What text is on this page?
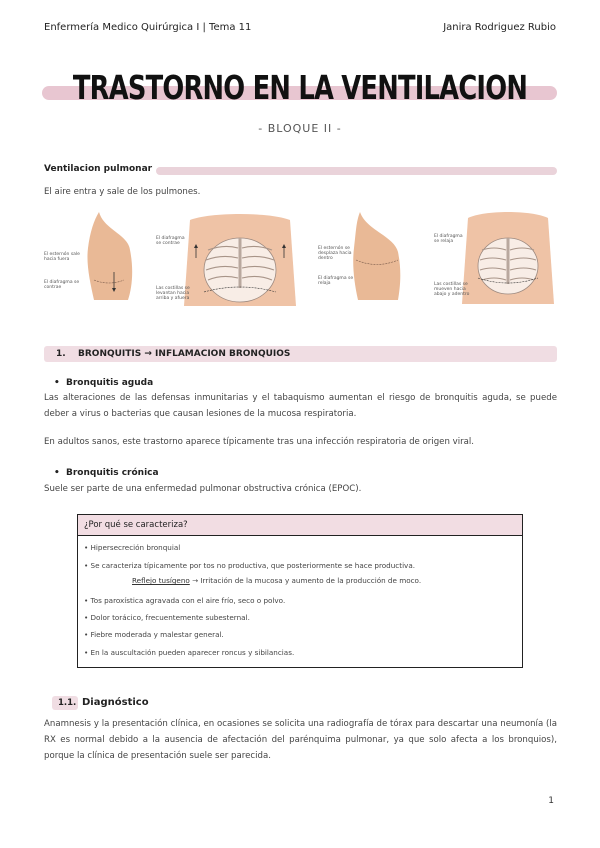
Enfermería Medico Quirúrgica I | Tema 11	Janira Rodriguez Rubio
TRASTORNO EN LA VENTILACION
- BLOQUE II -
Ventilacion pulmonar
El aire entra y sale de los pulmones.
El esternón sale hacia fuera
El diafragma se contrae
El diafragma se contrae
Las costillas se levantan hacia arriba y afuera
El esternón se desplaza hacia dentro
El diafragma se relaja
El diafragma se relaja
Las costillas se mueven hacia abajo y adentro
1. BRONQUITIS → INFLAMACION BRONQUIOS
• Bronquitis aguda
Las alteraciones de las defensas inmunitarias y el tabaquismo aumentan el riesgo de bronquitis aguda, se puede deber a virus o bacterias que causan lesiones de la mucosa respiratoria.
En adultos sanos, este trastorno aparece típicamente tras una infección respiratoria de origen viral.
• Bronquitis crónica
Suele ser parte de una enfermedad pulmonar obstructiva crónica (EPOC).
¿Por qué se caracteriza?
• Hipersecreción bronquial
• Se caracteriza típicamente por tos no productiva, que posteriormente se hace productiva.
Reflejo tusígeno → Irritación de la mucosa y aumento de la producción de moco.
• Tos paroxística agravada con el aire frío, seco o polvo.
• Dolor torácico, frecuentemente subesternal.
• Fiebre moderada y malestar general.
• En la auscultación pueden aparecer roncus y sibilancias.
1.1. Diagnóstico
Anamnesis y la presentación clínica, en ocasiones se solicita una radiografía de tórax para descartar una neumonía (la RX es normal debido a la ausencia de afectación del parénquima pulmonar, ya que solo afecta a los bronquios), porque la clínica de presentación suele ser parecida.
1
